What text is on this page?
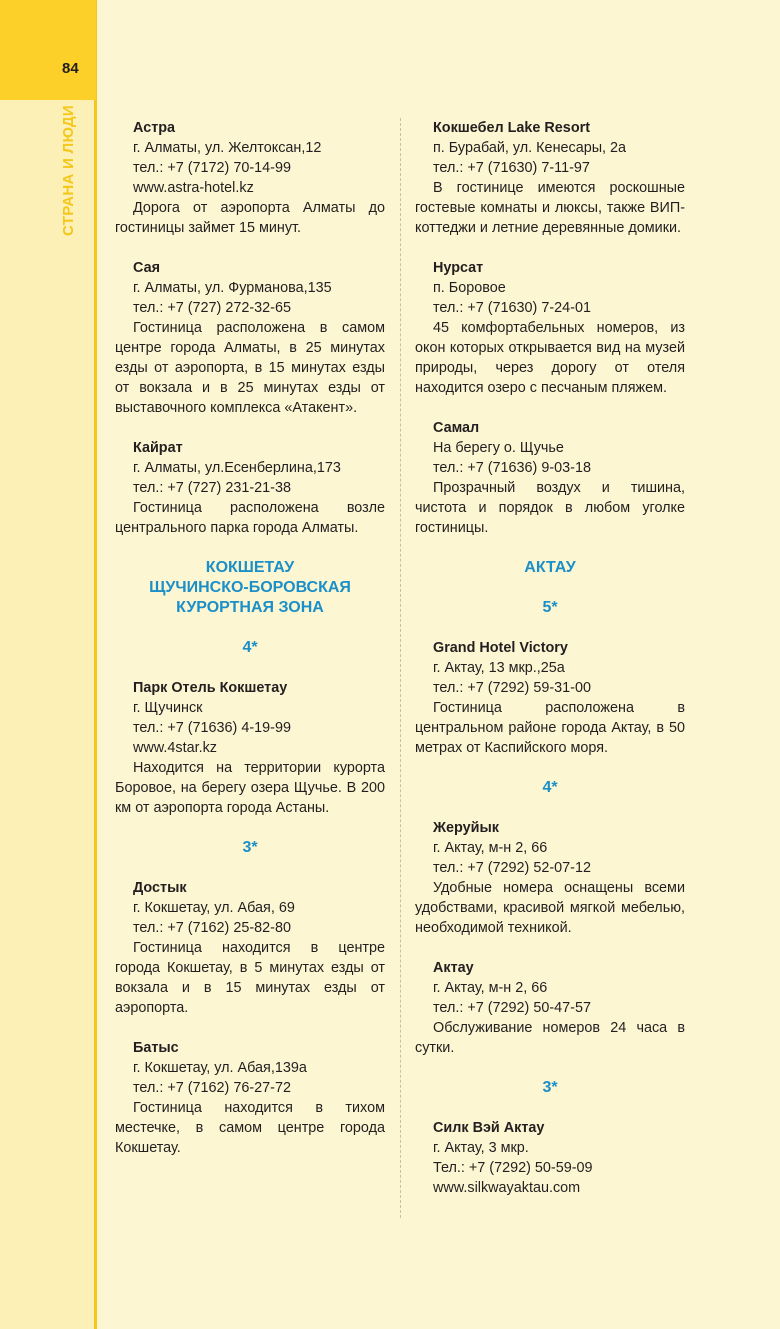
84
СТРАНА И ЛЮДИ	Астра
г. Алматы, ул. Желтоксан,12
тел.: +7 (7172) 70-14-99
www.astra-hotel.kz
Дорога от аэропорта Алматы до гостиницы займет 15 минут.
Сая
г. Алматы, ул. Фурманова,135
тел.: +7 (727) 272-32-65
Гостиница расположена в самом центре города Алматы, в 25 минутах езды от аэропорта, в 15 минутах езды от вокзала и в 25 минутах езды от выставочного комплекса «Атакент».
Кайрат
г. Алматы, ул.Есенберлина,173
тел.: +7 (727) 231-21-38
Гостиница расположена возле центрального парка города Алматы.
КОКШЕТАУ
ЩУЧИНСКО-БОРОВСКАЯ
КУРОРТНАЯ ЗОНА
4*
Парк Отель Кокшетау
г. Щучинск
тел.: +7 (71636) 4-19-99
www.4star.kz
Находится на территории курорта Боровое, на берегу озера Щучье. В 200 км от аэропорта города Астаны.
3*
Достык
г. Кокшетау, ул. Абая, 69
тел.: +7 (7162) 25-82-80
Гостиница находится в центре города Кокшетау, в 5 минутах езды от вокзала и в 15 минутах езды от аэропорта.
Батыс
г. Кокшетау, ул. Абая,139а
тел.: +7 (7162) 76-27-72
Гостиница находится в тихом местечке, в самом центре города Кокшетау.
Кокшебел Lake Resort
п. Бурабай, ул. Кенесары, 2а
тел.: +7 (71630) 7-11-97
В гостинице имеются роскошные гостевые комнаты и люксы, также ВИП-коттеджи и летние деревянные домики.
Нурсат
п. Боровое
тел.: +7 (71630) 7-24-01
45 комфортабельных номеров, из окон которых открывается вид на музей природы, через дорогу от отеля находится озеро с песчаным пляжем.
Самал
На берегу о. Щучье
тел.: +7 (71636) 9-03-18
Прозрачный воздух и тишина, чистота и порядок в любом уголке гостиницы.
АКТАУ
5*
Grand Hotel Victory
г. Актау, 13 мкр.,25а
тел.: +7 (7292) 59-31-00
Гостиница расположена в центральном районе города Актау, в 50 метрах от Каспийского моря.
4*
Жеруйык
г. Актау, м-н 2, 66
тел.: +7 (7292) 52-07-12
Удобные номера оснащены всеми удобствами, красивой мягкой мебелью, необходимой техникой.
Актау
г. Актау, м-н 2, 66
тел.: +7 (7292) 50-47-57
Обслуживание номеров 24 часа в сутки.
3*
Силк Вэй Актау
г. Актау, 3 мкр.
Тел.: +7 (7292) 50-59-09
www.silkwayaktau.com
